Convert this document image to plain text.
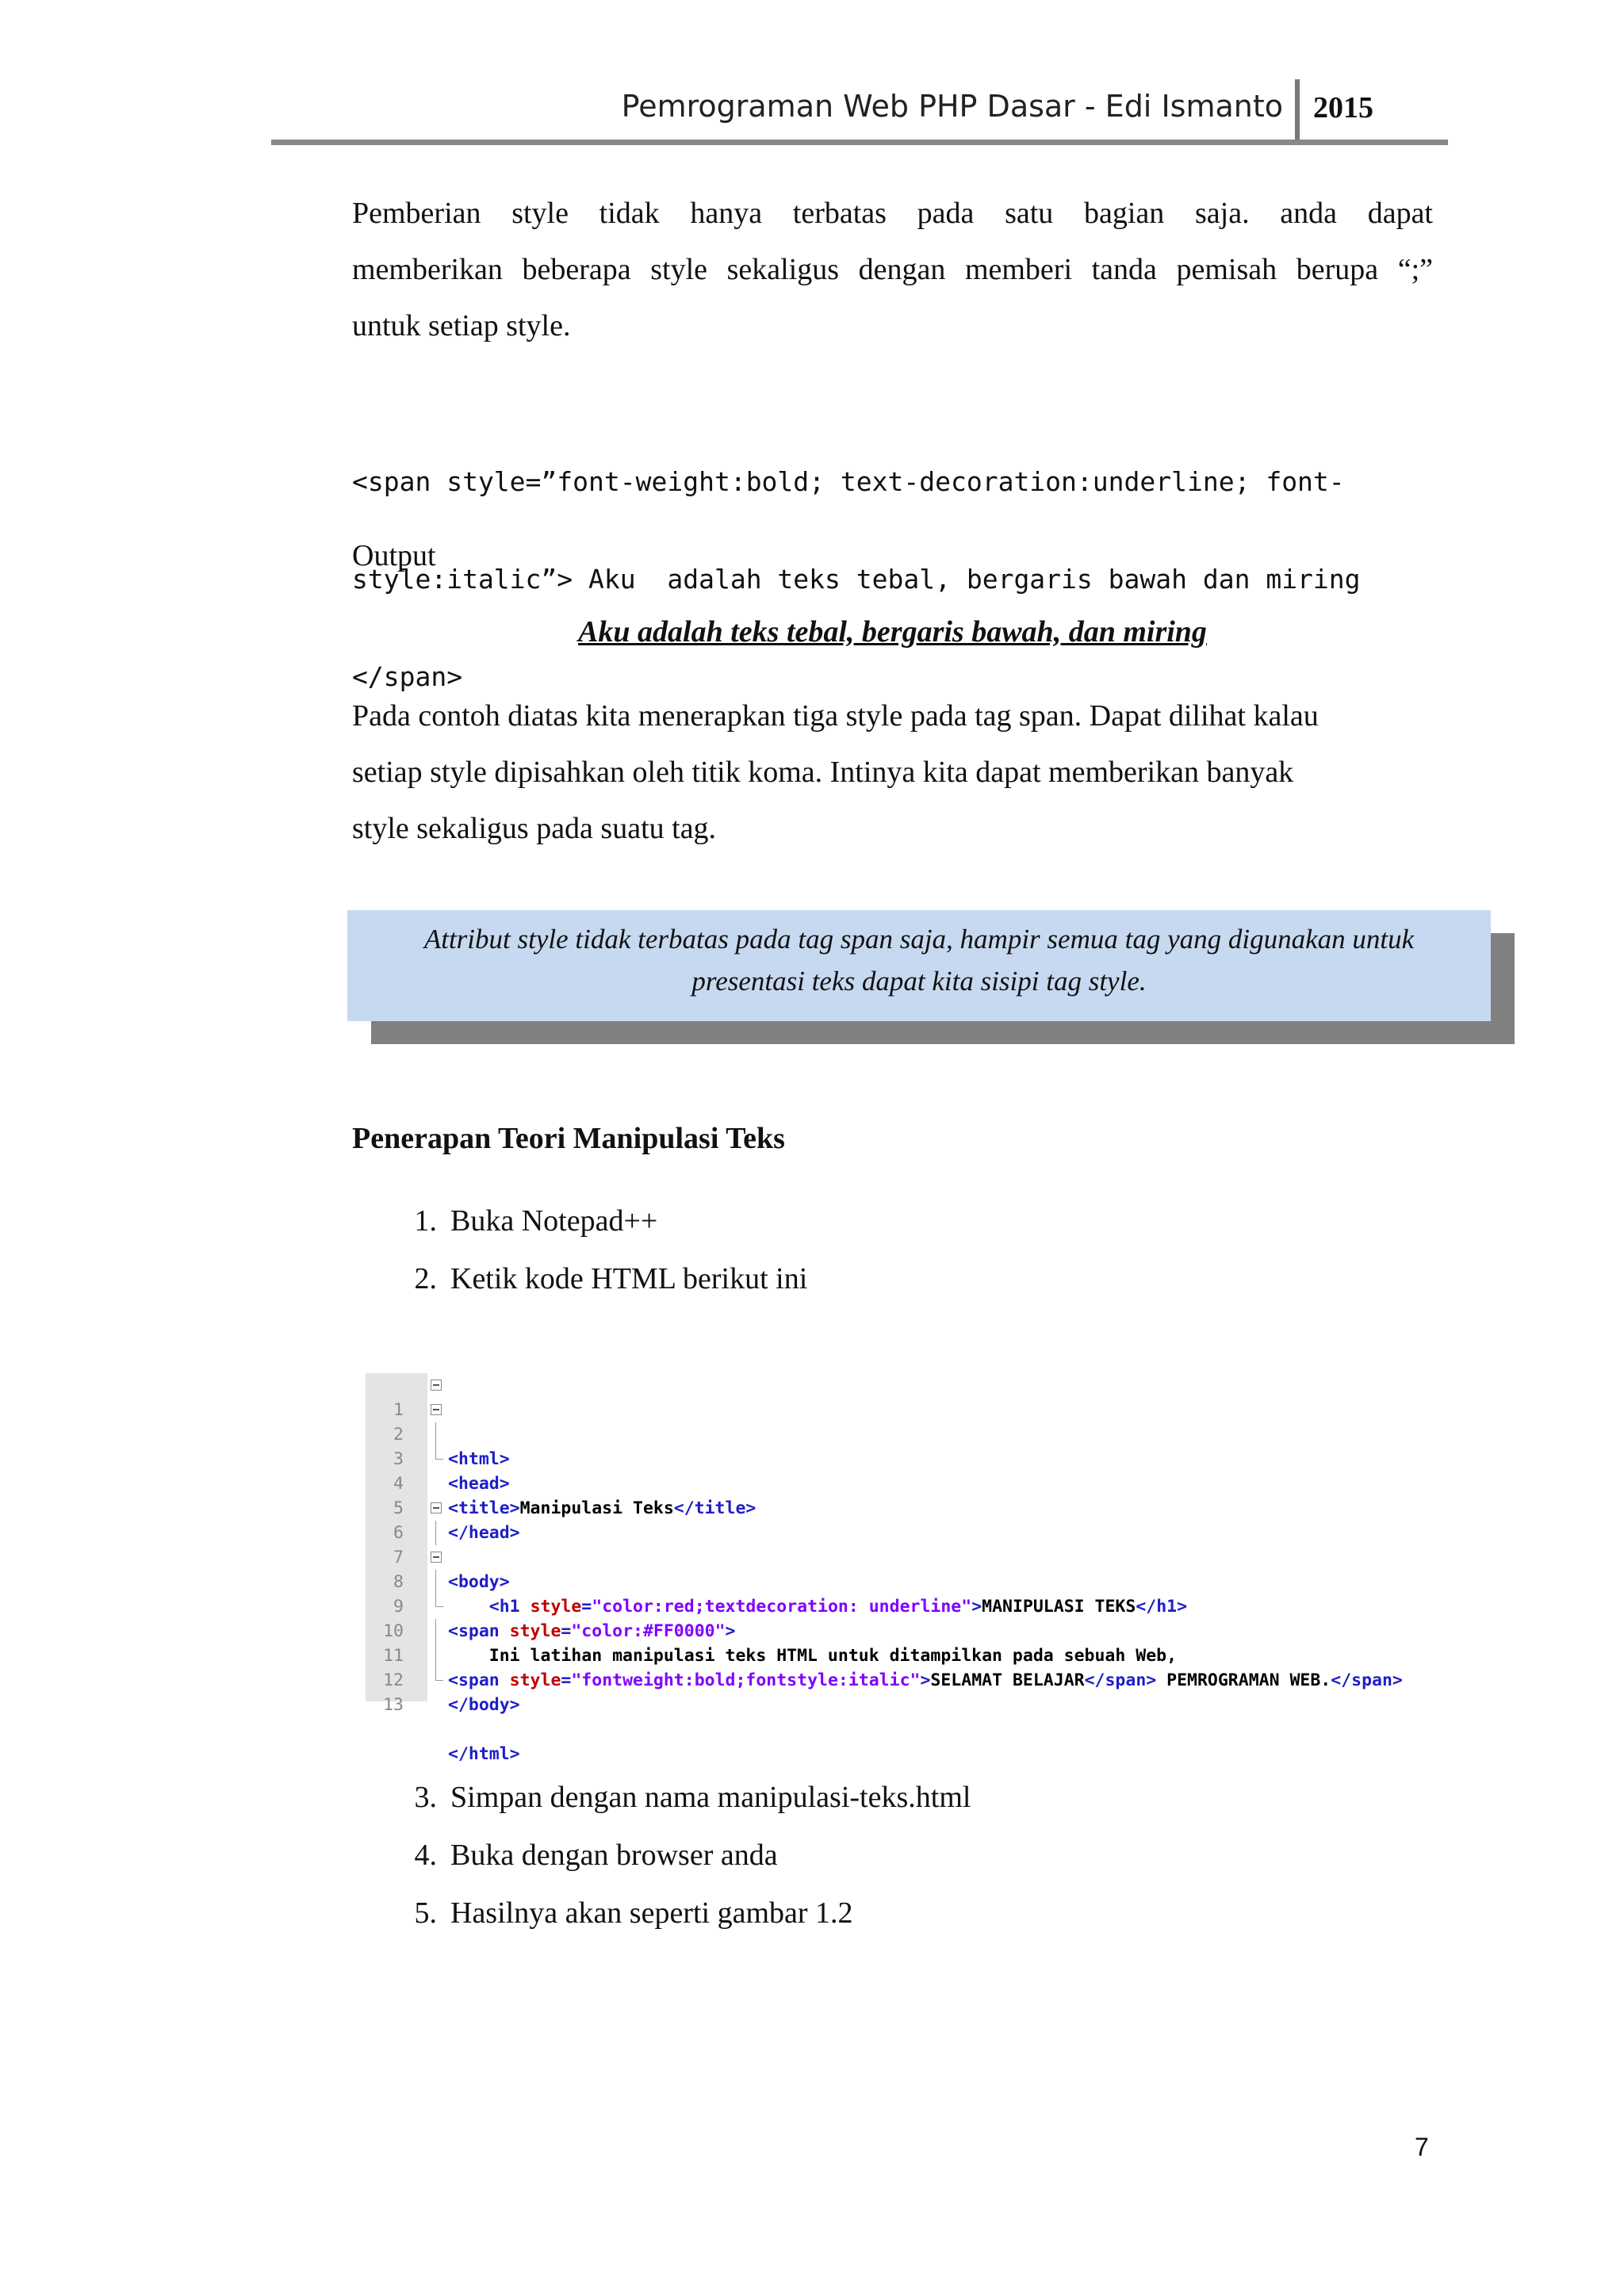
Pemrograman Web PHP Dasar - Edi Ismanto 2015
Pemberian style tidak hanya terbatas pada satu bagian saja. anda dapat
memberikan beberapa style sekaligus dengan memberi tanda pemisah berupa “;”
untuk setiap style.

<span style=”font-weight:bold; text-decoration:underline; font-

style:italic”> Aku  adalah teks tebal, bergaris bawah dan miring

</span>

Output
Aku adalah teks tebal, bergaris bawah, dan miring
Pada contoh diatas kita menerapkan tiga style pada tag span. Dapat dilihat kalau
setiap style dipisahkan oleh titik koma. Intinya kita dapat memberikan banyak
style sekaligus pada suatu tag.
Attribut style tidak terbatas pada tag span saja, hampir semua tag yang digunakan untuk
presentasi teks dapat kita sisipi tag style.
Penerapan Teori Manipulasi Teks
1. Buka Notepad++
2. Ketik kode HTML berikut ini

1

<html>

2

<head>

3

<title>Manipulasi Teks</title>

4

</head>

5

6

<body>

7

<h1 style="color:red;textdecoration: underline">MANIPULASI TEKS</h1>

8

<span style="color:#FF0000">

9

Ini latihan manipulasi teks HTML untuk ditampilkan pada sebuah Web,

10

<span style="fontweight:bold;fontstyle:italic">SELAMAT BELAJAR</span> PEMROGRAMAN WEB.</span>

11

</body>

12

13

</html>

3. Simpan dengan nama manipulasi-teks.html
4. Buka dengan browser anda
5. Hasilnya akan seperti gambar 1.2
7
